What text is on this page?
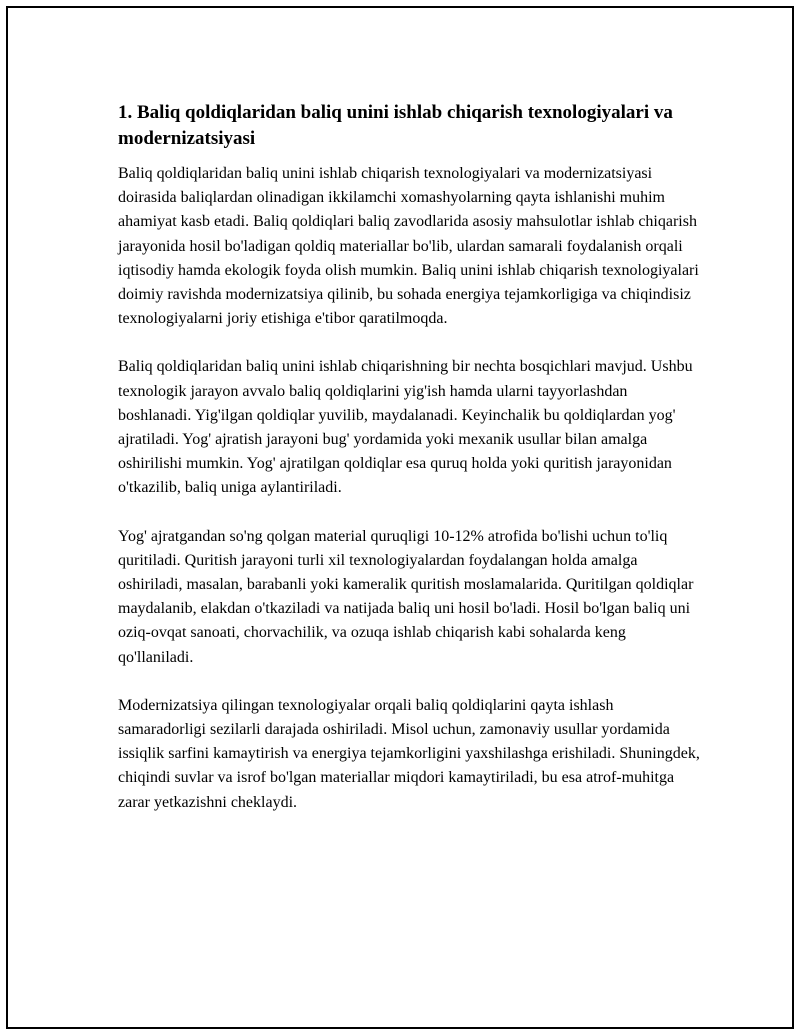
1. Baliq qoldiqlaridan baliq unini ishlab chiqarish texnologiyalari va modernizatsiyasi

Baliq qoldiqlaridan baliq unini ishlab chiqarish texnologiyalari va modernizatsiyasi doirasida baliqlardan olinadigan ikkilamchi xomashyolarning qayta ishlanishi muhim ahamiyat kasb etadi. Baliq qoldiqlari baliq zavodlarida asosiy mahsulotlar ishlab chiqarish jarayonida hosil bo'ladigan qoldiq materiallar bo'lib, ulardan samarali foydalanish orqali iqtisodiy hamda ekologik foyda olish mumkin. Baliq unini ishlab chiqarish texnologiyalari doimiy ravishda modernizatsiya qilinib, bu sohada energiya tejamkorligiga va chiqindisiz texnologiyalarni joriy etishiga e'tibor qaratilmoqda.

Baliq qoldiqlaridan baliq unini ishlab chiqarishning bir nechta bosqichlari mavjud. Ushbu texnologik jarayon avvalo baliq qoldiqlarini yig'ish hamda ularni tayyorlashdan boshlanadi. Yig'ilgan qoldiqlar yuvilib, maydalanadi. Keyinchalik bu qoldiqlardan yog' ajratiladi. Yog' ajratish jarayoni bug' yordamida yoki mexanik usullar bilan amalga oshirilishi mumkin. Yog' ajratilgan qoldiqlar esa quruq holda yoki quritish jarayonidan o'tkazilib, baliq uniga aylantiriladi.

Yog' ajratgandan so'ng qolgan material quruqligi 10-12% atrofida bo'lishi uchun to'liq quritiladi. Quritish jarayoni turli xil texnologiyalardan foydalangan holda amalga oshiriladi, masalan, barabanli yoki kameralik quritish moslamalarida. Quritilgan qoldiqlar maydalanib, elakdan o'tkaziladi va natijada baliq uni hosil bo'ladi. Hosil bo'lgan baliq uni oziq-ovqat sanoati, chorvachilik, va ozuqa ishlab chiqarish kabi sohalarda keng qo'llaniladi.

Modernizatsiya qilingan texnologiyalar orqali baliq qoldiqlarini qayta ishlash samaradorligi sezilarli darajada oshiriladi. Misol uchun, zamonaviy usullar yordamida issiqlik sarfini kamaytirish va energiya tejamkorligini yaxshilashga erishiladi. Shuningdek, chiqindi suvlar va isrof bo'lgan materiallar miqdori kamaytiriladi, bu esa atrof-muhitga zarar yetkazishni cheklaydi.
